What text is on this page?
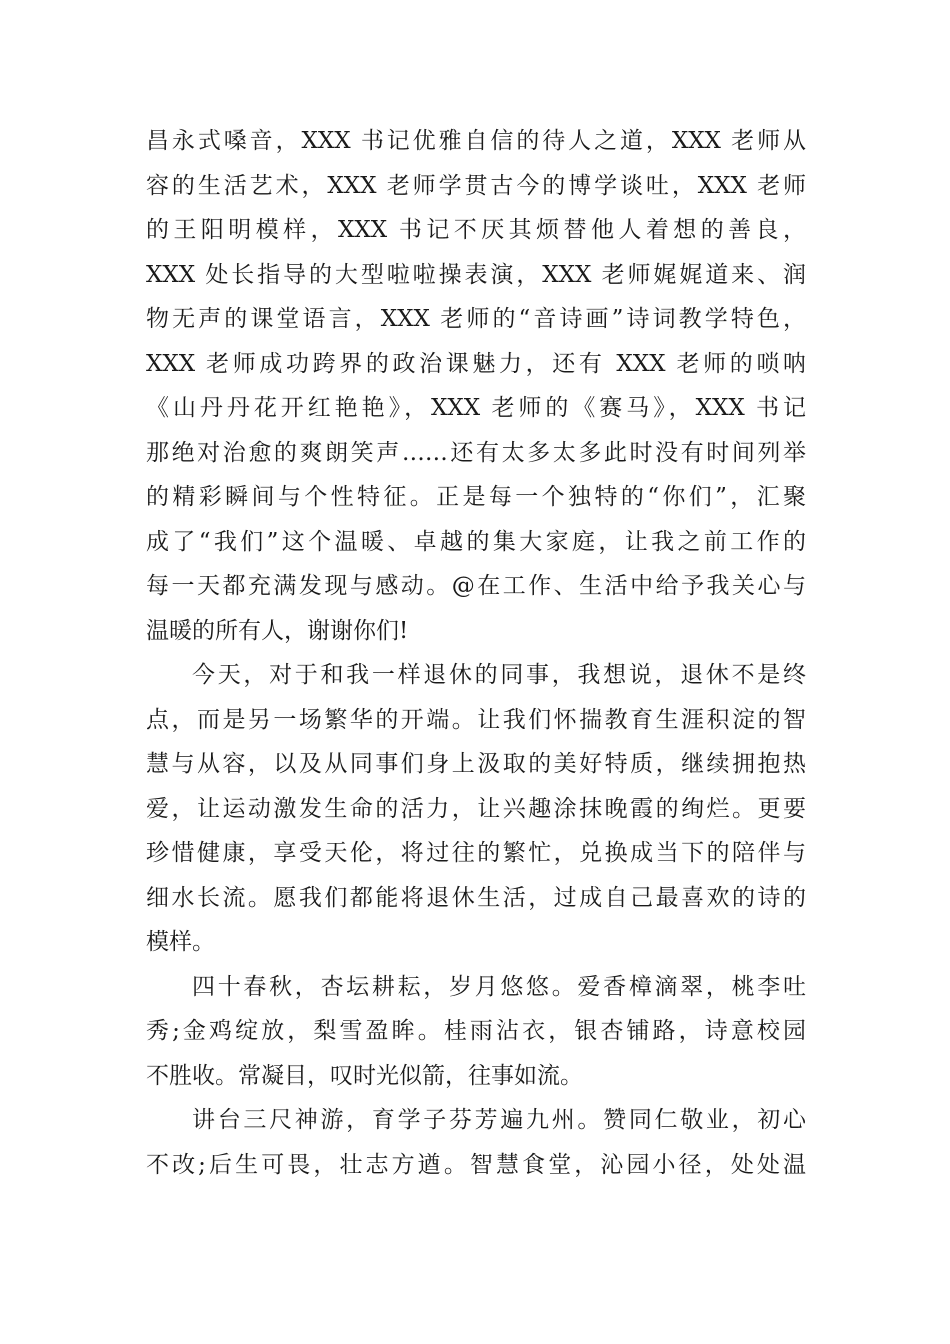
昌永式嗓音，XXX 书记优雅自信的待人之道，XXX 老师从
容的生活艺术，XXX 老师学贯古今的博学谈吐，XXX 老师
的王阳明模样，XXX 书记不厌其烦替他人着想的善良，
XXX 处长指导的大型啦啦操表演，XXX 老师娓娓道来、润
物无声的课堂语言，XXX 老师的“音诗画”诗词教学特色，
XXX 老师成功跨界的政治课魅力，还有 XXX 老师的唢呐
《山丹丹花开红艳艳》，XXX 老师的《赛马》，XXX 书记
那绝对治愈的爽朗笑声……还有太多太多此时没有时间列举
的精彩瞬间与个性特征。正是每一个独特的“你们”，汇聚
成了“我们”这个温暖、卓越的集大家庭，让我之前工作的
每一天都充满发现与感动。@在工作、生活中给予我关心与
温暖的所有人，谢谢你们!
今天，对于和我一样退休的同事，我想说，退休不是终
点，而是另一场繁华的开端。让我们怀揣教育生涯积淀的智
慧与从容，以及从同事们身上汲取的美好特质，继续拥抱热
爱，让运动激发生命的活力，让兴趣涂抹晚霞的绚烂。更要
珍惜健康，享受天伦，将过往的繁忙，兑换成当下的陪伴与
细水长流。愿我们都能将退休生活，过成自己最喜欢的诗的
模样。
四十春秋，杏坛耕耘，岁月悠悠。爱香樟滴翠，桃李吐
秀;金鸡绽放，梨雪盈眸。桂雨沾衣，银杏铺路，诗意校园
不胜收。常凝目，叹时光似箭，往事如流。
讲台三尺神游，育学子芬芳遍九州。赞同仁敬业，初心
不改;后生可畏，壮志方遒。智慧食堂，沁园小径，处处温
